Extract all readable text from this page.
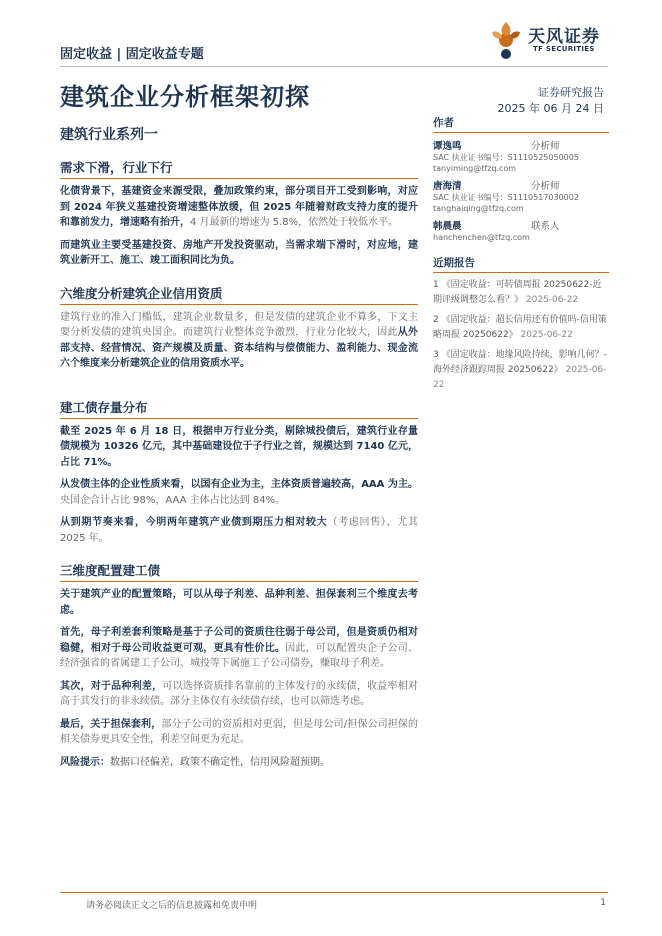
固定收益 | 固定收益专题
天风证券
TF SECURITIES
建筑企业分析框架初探	证券研究报告
2025 年 06 月 24 日
建筑行业系列一
需求下滑，行业下行

化债背景下，基建资金来源受限，叠加政策约束，部分项目开工受到影响，对应到 2024 年狭义基建投资增速整体放缓，但 2025 年随着财政支持力度的提升和靠前发力，增速略有抬升，4 月最新的增速为 5.8%，依然处于较低水平。

而建筑业主要受基建投资、房地产开发投资驱动，当需求端下滑时，对应地，建筑业新开工、施工、竣工面积同比为负。

六维度分析建筑企业信用资质

建筑行业的准入门槛低，建筑企业数量多，但是发债的建筑企业不算多，下文主要分析发债的建筑央国企。而建筑行业整体竞争激烈，行业分化较大，因此从外部支持、经营情况、资产规模及质量、资本结构与偿债能力、盈利能力、现金流六个维度来分析建筑企业的信用资质水平。

建工债存量分布

截至 2025 年 6 月 18 日，根据申万行业分类，剔除城投债后，建筑行业存量债规模为 10326 亿元，其中基础建设位于子行业之首，规模达到 7140 亿元，占比 71%。

从发债主体的企业性质来看，以国有企业为主，主体资质普遍较高，AAA 为主。央国企合计占比 98%，AAA 主体占比达到 84%。

从到期节奏来看，今明两年建筑产业债到期压力相对较大（考虑回售），尤其 2025 年。

三维度配置建工债

关于建筑产业的配置策略，可以从母子利差、品种利差、担保套利三个维度去考虑。

首先，母子利差套利策略是基于子公司的资质往往弱于母公司，但是资质仍相对稳健，相对于母公司收益更可观，更具有性价比。因此，可以配置央企子公司、经济强省的省属建工子公司、城投等下属施工子公司债券，赚取母子利差。

其次，对于品种利差，可以选择资质排名靠前的主体发行的永续债，收益率相对高于其发行的非永续债。部分主体仅有永续债存续，也可以筛选考虑。

最后，关于担保套利，部分子公司的资质相对更弱，但是母公司/担保公司担保的相关债券更具安全性，利差空间更为充足。

风险提示：数据口径偏差，政策不确定性，信用风险超预期。

作者
谭逸鸣	分析师
SAC 执业证书编号：S1110525050005
tanyiming@tfzq.com
唐海清	分析师
SAC 执业证书编号：S1110517030002
tanghaiqing@tfzq.com
韩晨晨	联系人
hanchenchen@tfzq.com
近期报告
1 《固定收益：可转债周报 20250622-近期评级调整怎么看？》 2025-06-22
2 《固定收益：超长信用还有价值吗-信用策略周报 20250622》 2025-06-22
3 《固定收益：地缘风险持续，影响几何？-海外经济跟踪周报 20250622》 2025-06-22
请务必阅读正文之后的信息披露和免责申明	1
